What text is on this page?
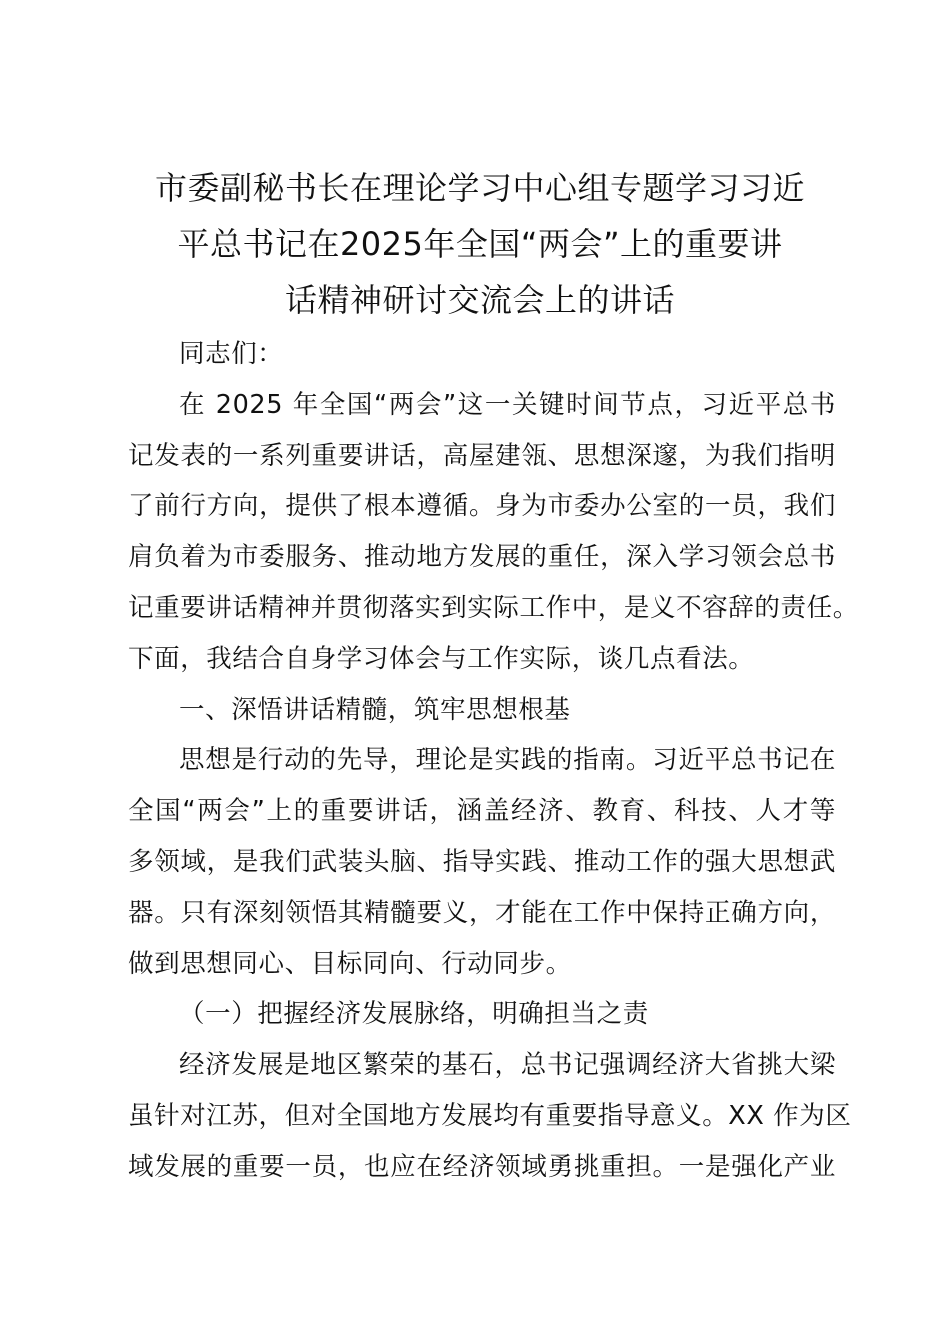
市委副秘书长在理论学习中心组专题学习习近
平总书记在2025年全国“两会”上的重要讲
话精神研讨交流会上的讲话
同志们：
在 2025 年全国“两会”这一关键时间节点，习近平总书
记发表的一系列重要讲话，高屋建瓴、思想深邃，为我们指明
了前行方向，提供了根本遵循。身为市委办公室的一员，我们
肩负着为市委服务、推动地方发展的重任，深入学习领会总书
记重要讲话精神并贯彻落实到实际工作中，是义不容辞的责任。
下面，我结合自身学习体会与工作实际，谈几点看法。
一、深悟讲话精髓，筑牢思想根基
思想是行动的先导，理论是实践的指南。习近平总书记在
全国“两会”上的重要讲话，涵盖经济、教育、科技、人才等
多领域，是我们武装头脑、指导实践、推动工作的强大思想武
器。只有深刻领悟其精髓要义，才能在工作中保持正确方向，
做到思想同心、目标同向、行动同步。
（一）把握经济发展脉络，明确担当之责
经济发展是地区繁荣的基石，总书记强调经济大省挑大梁
虽针对江苏，但对全国地方发展均有重要指导意义。XX 作为区
域发展的重要一员，也应在经济领域勇挑重担。一是强化产业
